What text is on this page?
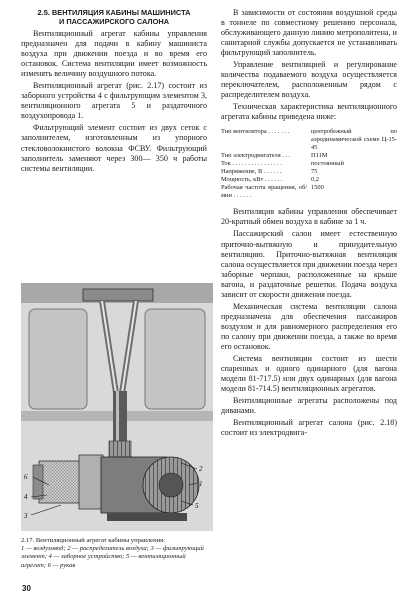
2.5. ВЕНТИЛЯЦИЯ КАБИНЫ МАШИНИСТА
И ПАССАЖИРСКОГО САЛОНА

Вентиляционный агрегат кабины управления предназначен для подачи в кабину машиниста воздуха при движении поезда и во время его остановок. Система вентиляции имеет возможность изменять величину воздушного потока.

Вентиляционный агрегат (рис. 2.17) состоит из заборного устройства 4 с фильтрующим элементом 3, вентиляционного агрегата 5 и раздаточного воздухопровода 1.

Фильтрующий элемент состоит из двух сеток с заполнителем, изготовленным из упорного стекловолокнистого волокна ФСВУ. Фильтрующий заполнитель заменяют через 300— 350 ч работы системы вентиляции.

В зависимости от состояния воздушной среды в тоннеле по совместному решению персонала, обслуживающего данную линию метрополитена, и санитарной службы допускается не устанавливать фильтрующий заполнитель.

Управление вентиляцией и регулирование количества подаваемого воздуха осуществляется переключателем, расположенным рядом с распределителем воздуха.

Техническая характеристика вентиляционного агрегата кабины приведена ниже:

Тип вентилятора . . . . . . .	центробежный по аэродинамической схеме Ц-15-45
Тип электродвигателя . . .	П11М
Ток . . . . . . . . . . . . . . . .	постоянный
Напряжение, В . . . . . .	75
Мощность, кВт . . . . . .	0,2
Рабочая частота вращения, об/мин . . . . . .	1500

Вентиляция кабины управления обеспечивает 20-кратный обмен воздуха в кабине за 1 ч.

Пассажирский салон имеет естественную приточно-вытяжную и принудительную вентиляцию. Приточно-вытяжная вентиляция салона осуществляется при движении поезда через заборные черпаки, расположенные на крыше вагона, и раздаточные решетки. Подача воздуха зависит от скорости движения поезда.

Механическая система вентиляции салона предназначена для обеспечения пассажиров воздухом и для равномерного распределения его по салону при движении поезда, а также во время его остановок.

Система вентиляции состоит из шести спаренных и одного одинарного (для вагона модели 81-717.5) или двух одинарных (для вагона модели 81-714.5) вентиляционных агрегатов.

Вентиляционные агрегаты расположены под диванами.

Вентиляционный агрегат салона (рис. 2.18) состоит из электродвига-

6
4
3
2
1
5
2.17. Вентиляционный агрегат кабины управления:
1 — воздуховод; 2 — распределитель воздуха; 3 — фильтрующий элемент; 4 — заборное устройство; 5 — вентиляционный агрегат; 6 — рукав
30
